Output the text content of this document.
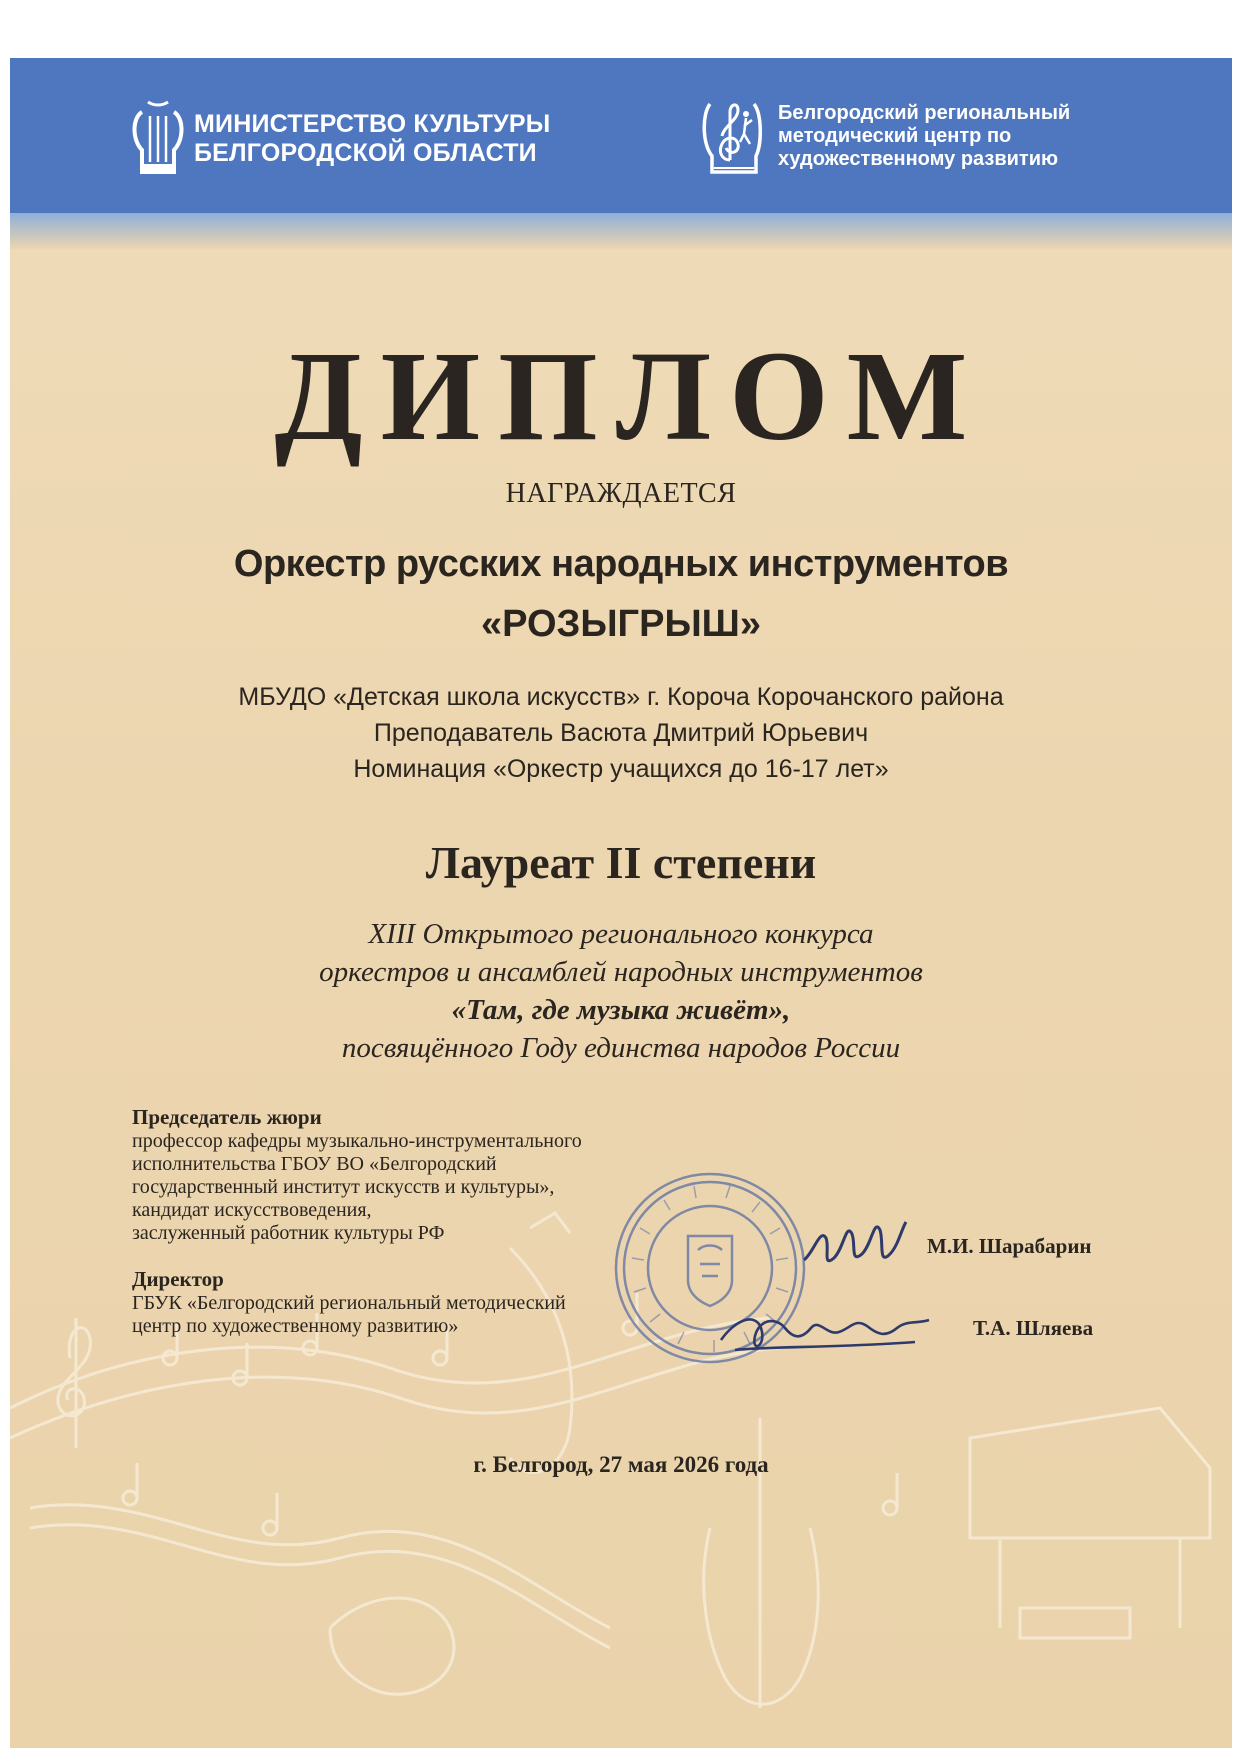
МИНИСТЕРСТВО КУЛЬТУРЫ
БЕЛГОРОДСКОЙ ОБЛАСТИ
Белгородский региональный
методический центр по
художественному развитию
ДИПЛОМ
НАГРАЖДАЕТСЯ
Оркестр русских народных инструментов
«РОЗЫГРЫШ»
МБУДО «Детская школа искусств» г. Короча Корочанского района
Преподаватель Васюта Дмитрий Юрьевич
Номинация «Оркестр учащихся до 16-17 лет»
Лауреат II степени
XIII Открытого регионального конкурса
оркестров и ансамблей народных инструментов
«Там, где музыка живёт»,
посвящённого Году единства народов России
Председатель жюри
профессор кафедры музыкально-инструментального
исполнительства ГБОУ ВО «Белгородский
государственный институт искусств и культуры»,
кандидат искусствоведения,
заслуженный работник культуры РФ
Директор
ГБУК «Белгородский региональный методический
центр по художественному развитию»
М.И. Шарабарин
Т.А. Шляева
г. Белгород, 27 мая 2026 года
